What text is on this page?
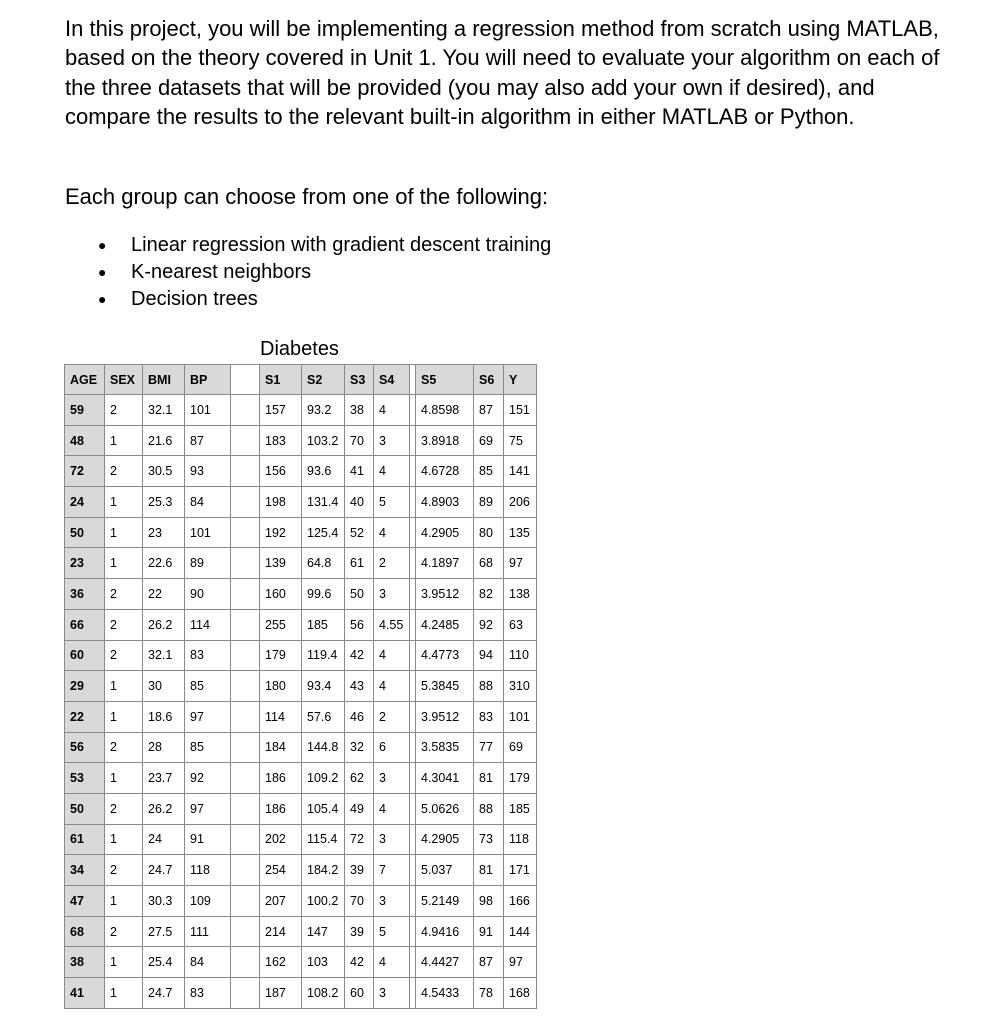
In this project, you will be implementing a regression method from scratch using MATLAB, based on the theory covered in Unit 1. You will need to evaluate your algorithm on each of the three datasets that will be provided (you may also add your own if desired), and compare the results to the relevant built-in algorithm in either MATLAB or Python.

Each group can choose from one of the following:

● Linear regression with gradient descent training
● K-nearest neighbors
● Decision trees

Diabetes

AGE	SEX	BMI	BP		S1	S2	S3	S4		S5	S6	Y
59	2	32.1	101		157	93.2	38	4		4.8598	87	151
48	1	21.6	87		183	103.2	70	3		3.8918	69	75
72	2	30.5	93		156	93.6	41	4		4.6728	85	141
24	1	25.3	84		198	131.4	40	5		4.8903	89	206
50	1	23	101		192	125.4	52	4		4.2905	80	135
23	1	22.6	89		139	64.8	61	2		4.1897	68	97
36	2	22	90		160	99.6	50	3		3.9512	82	138
66	2	26.2	114		255	185	56	4.55		4.2485	92	63
60	2	32.1	83		179	119.4	42	4		4.4773	94	110
29	1	30	85		180	93.4	43	4		5.3845	88	310
22	1	18.6	97		114	57.6	46	2		3.9512	83	101
56	2	28	85		184	144.8	32	6		3.5835	77	69
53	1	23.7	92		186	109.2	62	3		4.3041	81	179
50	2	26.2	97		186	105.4	49	4		5.0626	88	185
61	1	24	91		202	115.4	72	3		4.2905	73	118
34	2	24.7	118		254	184.2	39	7		5.037	81	171
47	1	30.3	109		207	100.2	70	3		5.2149	98	166
68	2	27.5	111		214	147	39	5		4.9416	91	144
38	1	25.4	84		162	103	42	4		4.4427	87	97
41	1	24.7	83		187	108.2	60	3		4.5433	78	168
